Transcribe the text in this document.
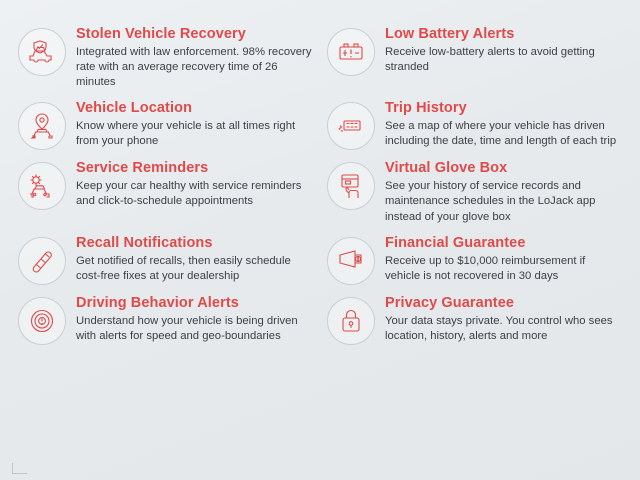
Stolen Vehicle Recovery

Integrated with law enforcement. 98% recovery rate with an average recovery time of 26 minutes

Low Battery Alerts

Receive low-battery alerts to avoid getting stranded

Vehicle Location

Know where your vehicle is at all times right from your phone

Trip History

See a map of where your vehicle has driven including the date, time and length of each trip

Service Reminders

Keep your car healthy with service reminders and click-to-schedule appointments

Virtual Glove Box

See your history of service records and maintenance schedules in the LoJack app instead of your glove box

Recall Notifications

Get notified of recalls, then easily schedule cost-free fixes at your dealership

Financial Guarantee

Receive up to $10,000 reimbursement if vehicle is not recovered in 30 days

Driving Behavior Alerts

Understand how your vehicle is being driven with alerts for speed and geo-boundaries

Privacy Guarantee

Your data stays private. You control who sees location, history, alerts and more
